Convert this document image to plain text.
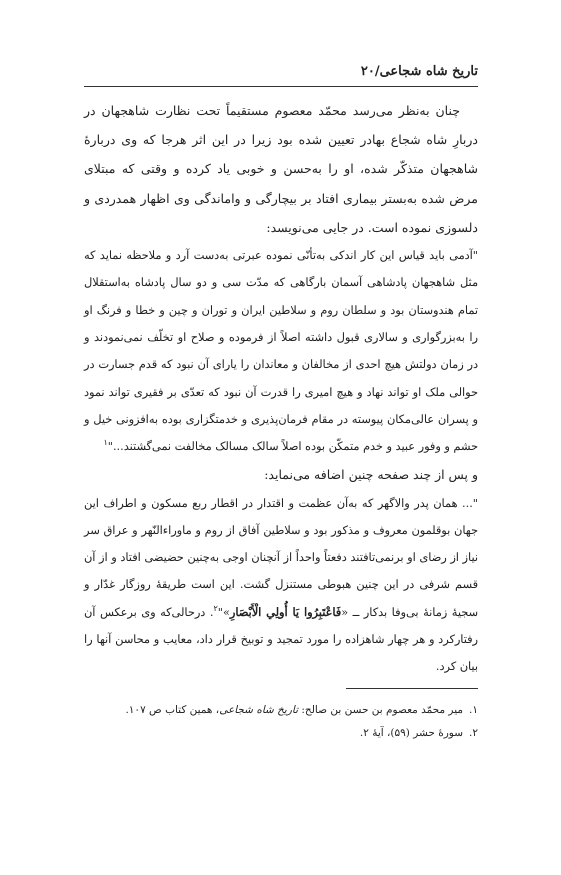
تاریخ شاه شجاعی/۲۰

چنان به‌نظر می‌رسد محمّد معصوم مستقیماً تحت نظارت شاهجهان در دربارِ شاه شجاع بهادر تعیین شده بود زیرا در این اثر هرجا که وی دربارهٔ شاهجهان متذکّر شده، او را به‌حسن و خوبی یاد کرده و وقتی که مبتلای مرض شده به‌بستر بیماری افتاد بر بیچارگی و واماندگی وی اظهار همدردی و دلسوزی نموده است. در جایی می‌نویسد:

"آدمی باید قیاس این کار اندکی به‌تأنّی نموده عبرتی به‌دست آرد و ملاحظه نماید که مثل شاهجهان پادشاهی آسمان بارگاهی که مدّت سی و دو سال پادشاه به‌استقلال تمام هندوستان بود و سلطان روم و سلاطین ایران و توران و چین و خطا و فرنگ او را به‌بزرگواری و سالاری قبول داشته اصلاً از فرموده و صلاح او تخلّف نمی‌نمودند و در زمان دولتش هیچ احدی از مخالفان و معاندان را یارای آن نبود که قدم جسارت در حوالی ملک او تواند نهاد و هیچ امیری را قدرت آن نبود که تعدّی بر فقیری تواند نمود و پسران عالی‌مکان پیوسته در مقام فرمان‌پذیری و خدمتگزاری بوده به‌افزونی خیل و حشم و وفور عبید و خدم متمکّن بوده اصلاً سالک مسالک مخالفت نمی‌گشتند..."$^۱$

و پس از چند صفحه چنین اضافه می‌نماید:

"... همان پدر والاگهر که به‌آن عظمت و اقتدار در اقطار ربع مسکون و اطراف این جهان بوقلمون معروف و مذکور بود و سلاطین آفاق از روم و ماوراءالنّهر و عراق سر نیاز از رضای او برنمی‌تافتند دفعتاً واحداً از آنچنان اوجی به‌چنین حضیضی افتاد و از آن قسم شرفی در این چنین هبوطی مستنزل گشت. این است طریقهٔ روزگار غدّار و سجیهٔ زمانهٔ بی‌وفا بدکار ــ «فَاعْتَبِرُوا يَا أُولِي الْأَبْصَارِ»"$^۲$. درحالی‌که وی برعکس آن رفتارکرد و هر چهار شاهزاده را مورد تمجید و توبیخ قرار داد، معایب و محاسن آنها را بیان کرد.

۱.میر محمّد معصوم بن حسن بن صالح: تاریخ شاه شجاعی، همین کتاب ص ۱۰۷.
۲.سورهٔ حشر (۵۹)، آیهٔ ۲.
